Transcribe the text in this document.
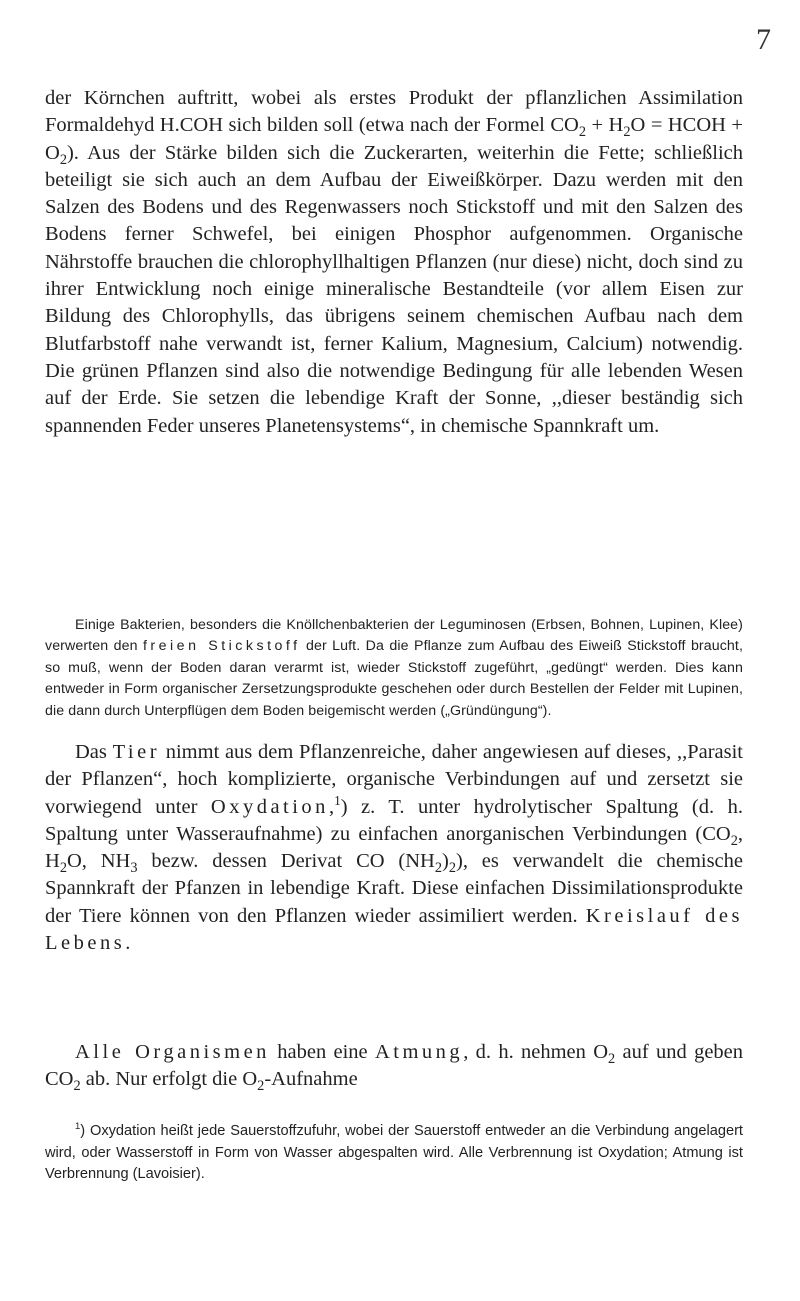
7

der Körnchen auftritt, wobei als erstes Produkt der pflanzlichen Assimilation Formaldehyd H.COH sich bilden soll (etwa nach der Formel $CO_2 + H_2O$ = HCOH + $O_2$). Aus der Stärke bilden sich die Zuckerarten, weiterhin die Fette; schließlich beteiligt sie sich auch an dem Aufbau der Eiweißkörper. Dazu werden mit den Salzen des Bodens und des Regenwassers noch Stickstoff und mit den Salzen des Bodens ferner Schwefel, bei einigen Phosphor aufgenommen. Organische Nährstoffe brauchen die chlorophyllhaltigen Pflanzen (nur diese) nicht, doch sind zu ihrer Entwicklung noch einige mineralische Bestandteile (vor allem Eisen zur Bildung des Chlorophylls, das übrigens seinem chemischen Aufbau nach dem Blutfarbstoff nahe verwandt ist, ferner Kalium, Magnesium, Calcium) notwendig. Die grünen Pflanzen sind also die notwendige Bedingung für alle lebenden Wesen auf der Erde. Sie setzen die lebendige Kraft der Sonne, ,,dieser beständig sich spannenden Feder unseres Planetensystems“, in chemische Spannkraft um.

Einige Bakterien, besonders die Knöllchenbakterien der Leguminosen (Erbsen, Bohnen, Lupinen, Klee) verwerten den freien Stickstoff der Luft. Da die Pflanze zum Aufbau des Eiweiß Stickstoff braucht, so muß, wenn der Boden daran verarmt ist, wieder Stickstoff zugeführt, „gedüngt“ werden. Dies kann entweder in Form organischer Zersetzungsprodukte geschehen oder durch Bestellen der Felder mit Lupinen, die dann durch Unterpflügen dem Boden beigemischt werden („Gründüngung“).

Das Tier nimmt aus dem Pflanzenreiche, daher angewiesen auf dieses, ,,Parasit der Pflanzen“, hoch komplizierte, organische Verbindungen auf und zersetzt sie vorwiegend unter Oxydation,$^1$) z. T. unter hydrolytischer Spaltung (d. h. Spaltung unter Wasseraufnahme) zu einfachen anorganischen Verbindungen ($CO_2$, $H_2O$, $NH_3$ bezw. dessen Derivat CO $(NH_2)_2$), es verwandelt die chemische Spannkraft der Pfanzen in lebendige Kraft. Diese einfachen Dissimilationsprodukte der Tiere können von den Pflanzen wieder assimiliert werden. Kreislauf des Lebens.

Alle Organismen haben eine Atmung, d. h. nehmen $O_2$ auf und geben $CO_2$ ab. Nur erfolgt die $O_2$-Aufnahme

$^1$) Oxydation heißt jede Sauerstoffzufuhr, wobei der Sauerstoff entweder an die Verbindung angelagert wird, oder Wasserstoff in Form von Wasser abgespalten wird. Alle Verbrennung ist Oxydation; Atmung ist Verbrennung (Lavoisier).
